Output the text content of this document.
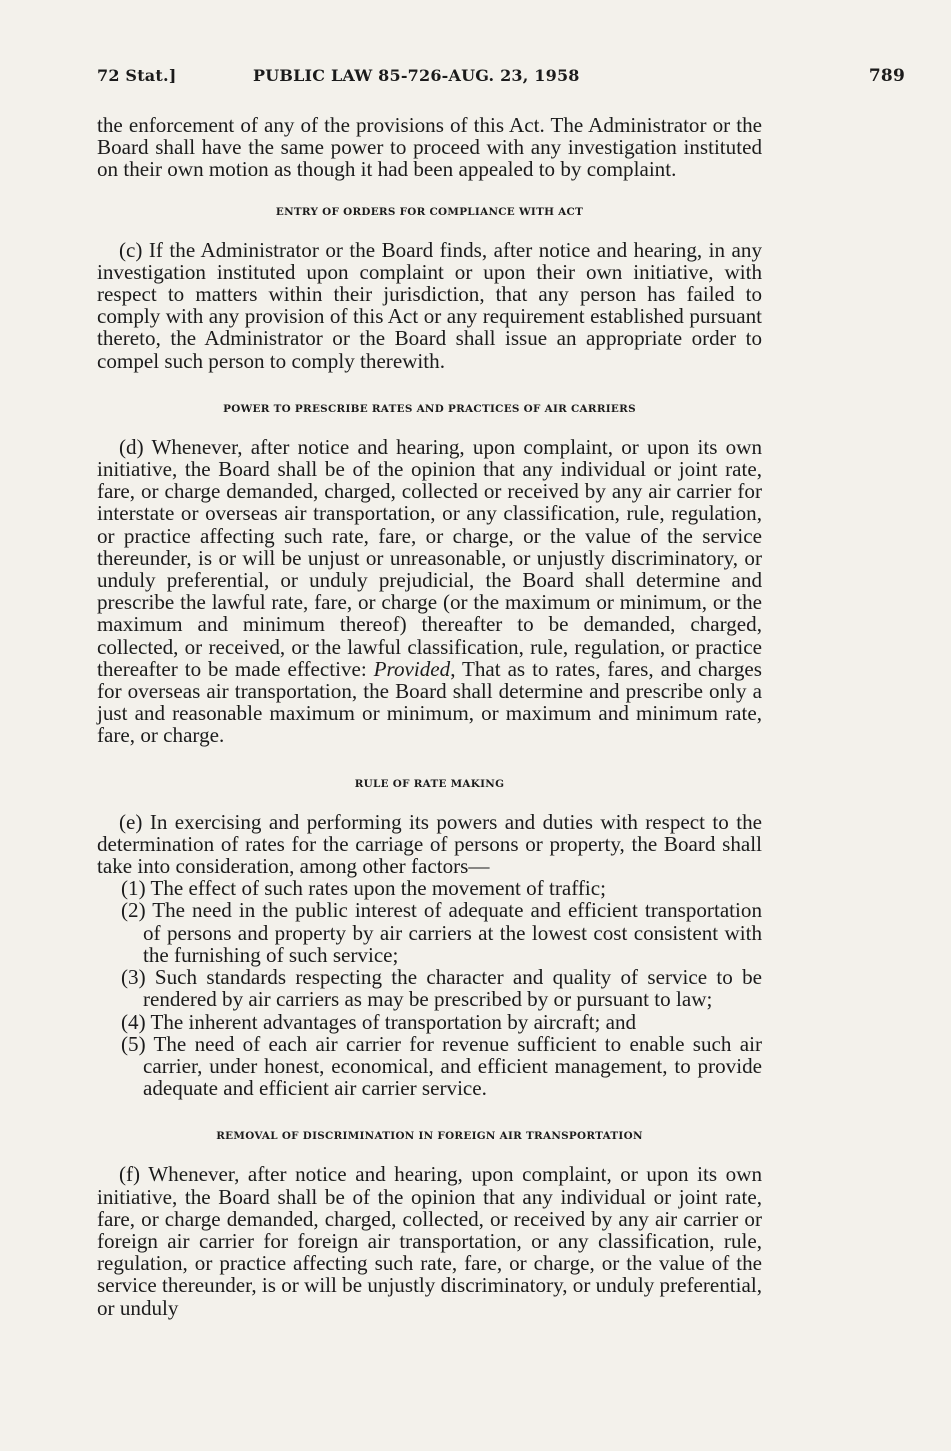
72 Stat.]	PUBLIC LAW 85-726-AUG. 23, 1958	789

the enforcement of any of the provisions of this Act. The Administrator or the Board shall have the same power to proceed with any investigation instituted on their own motion as though it had been appealed to by complaint.

ENTRY OF ORDERS FOR COMPLIANCE WITH ACT

(c) If the Administrator or the Board finds, after notice and hearing, in any investigation instituted upon complaint or upon their own initiative, with respect to matters within their jurisdiction, that any person has failed to comply with any provision of this Act or any requirement established pursuant thereto, the Administrator or the Board shall issue an appropriate order to compel such person to comply therewith.

POWER TO PRESCRIBE RATES AND PRACTICES OF AIR CARRIERS

(d) Whenever, after notice and hearing, upon complaint, or upon its own initiative, the Board shall be of the opinion that any individual or joint rate, fare, or charge demanded, charged, collected or received by any air carrier for interstate or overseas air transportation, or any classification, rule, regulation, or practice affecting such rate, fare, or charge, or the value of the service thereunder, is or will be unjust or unreasonable, or unjustly discriminatory, or unduly preferential, or unduly prejudicial, the Board shall determine and prescribe the lawful rate, fare, or charge (or the maximum or minimum, or the maximum and minimum thereof) thereafter to be demanded, charged, collected, or received, or the lawful classification, rule, regulation, or practice thereafter to be made effective: Provided, That as to rates, fares, and charges for overseas air transportation, the Board shall determine and prescribe only a just and reasonable maximum or minimum, or maximum and minimum rate, fare, or charge.

RULE OF RATE MAKING

(e) In exercising and performing its powers and duties with respect to the determination of rates for the carriage of persons or property, the Board shall take into consideration, among other factors—

(1) The effect of such rates upon the movement of traffic;

(2) The need in the public interest of adequate and efficient transportation of persons and property by air carriers at the lowest cost consistent with the furnishing of such service;

(3) Such standards respecting the character and quality of service to be rendered by air carriers as may be prescribed by or pursuant to law;

(4) The inherent advantages of transportation by aircraft; and

(5) The need of each air carrier for revenue sufficient to enable such air carrier, under honest, economical, and efficient management, to provide adequate and efficient air carrier service.

REMOVAL OF DISCRIMINATION IN FOREIGN AIR TRANSPORTATION

(f) Whenever, after notice and hearing, upon complaint, or upon its own initiative, the Board shall be of the opinion that any individual or joint rate, fare, or charge demanded, charged, collected, or received by any air carrier or foreign air carrier for foreign air transportation, or any classification, rule, regulation, or practice affecting such rate, fare, or charge, or the value of the service thereunder, is or will be unjustly discriminatory, or unduly preferential, or unduly
